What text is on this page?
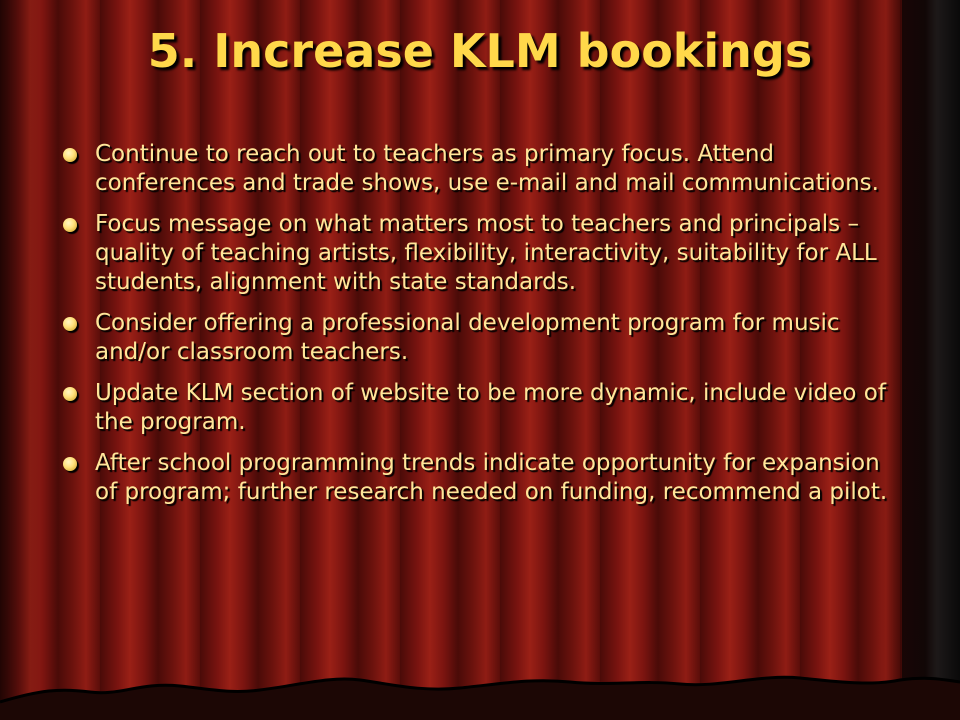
5. Increase KLM bookings
Continue to reach out to teachers as primary focus. Attend conferences and trade shows, use e-mail and mail communications.
Focus message on what matters most to teachers and principals – quality of teaching artists, flexibility, interactivity, suitability for ALL students, alignment with state standards.
Consider offering a professional development program for music and/or classroom teachers.
Update KLM section of website to be more dynamic, include video of the program.
After school programming trends indicate opportunity for expansion of program; further research needed on funding, recommend a pilot.
